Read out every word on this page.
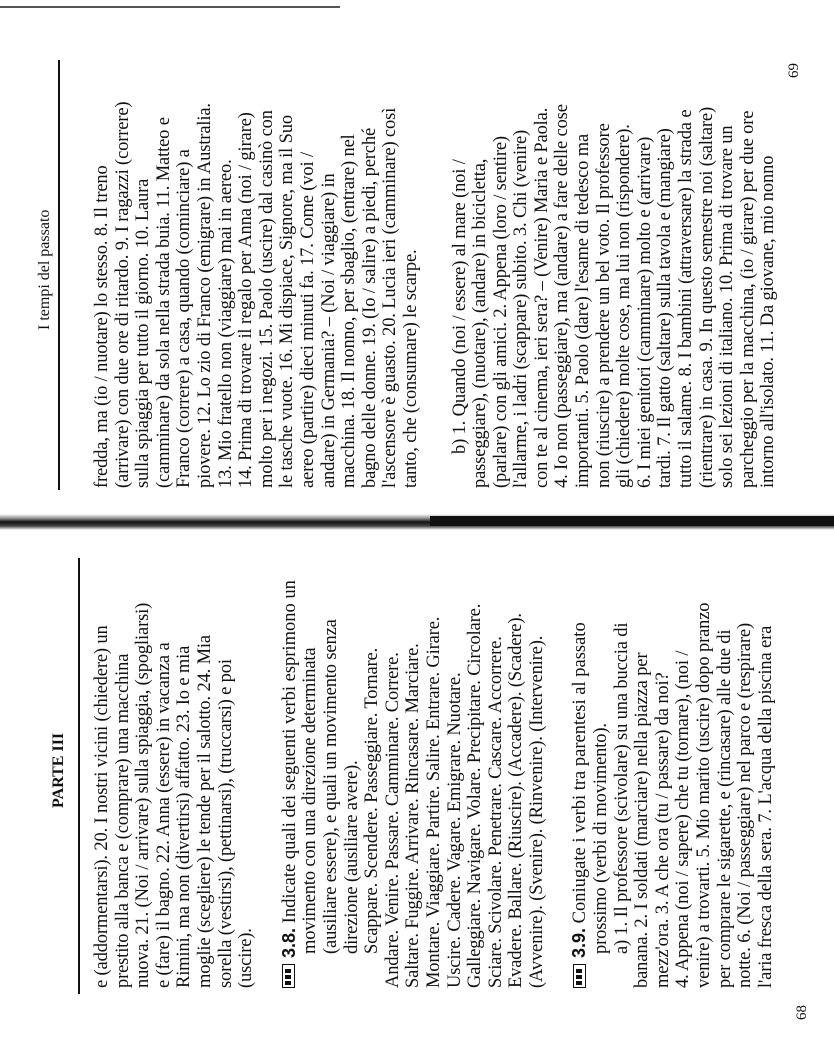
e (addormentarsi). 20. I nostri vicini (chiedere) un prestito alla banca e (comprare) una macchina nuova. 21. (Noi / arrivare) sulla spiaggia, (spogliarsi) e (fare) il bagno. 22. Anna (essere) in vacanza a Rimini, ma non (divertirsi) affatto. 23. Io e mia moglie (scegliere) le tende per il salotto. 24. Mia sorella (vestirsi), (pettinarsi), (truccarsi) e poi (uscire). 3.8. Indicate quali dei seguenti verbi esprimono un movimento con una direzione determinata (ausiliare essere), e quali un movimento senza direzione (ausiliare avere). Scappare. Scendere. Passeggiare. Tornare. Andare. Venire. Passare. Camminare. Correre. Saltare. Fuggire. Arrivare. Rincasare. Marciare. Montare. Viaggiare. Partire. Salire. Entrare. Girare. Uscire. Cadere. Vagare. Emigrare. Nuotare. Galleggiare. Navigare. Volare. Precipitare. Circolare. Sciare. Scivolare. Penetrare. Cascare. Accorrere. Evadere. Ballare. (Riuscire). (Accadere). (Scadere). (Avvenire). (Svenire). (Rinvenire). (Intervenire). 3.9. Coniugate i verbi tra parentesi al passato prossimo (verbi di movimento). a) 1. Il professore (scivolare) su una buccia di banana. 2. I soldati (marciare) nella piazza per mezz'ora. 3. A che ora (tu / passare) da noi? 4. Appena (noi / sapere) che tu (tornare), (noi / venire) a trovarti. 5. Mio marito (uscire) dopo pranzo per comprare le sigarette, e (rincasare) alle due di notte. 6. (Noi / passeggiare) nel parco e (respirare) l'aria fresca della sera. 7. L'acqua della piscina era
PARTE III
68
fredda, ma (io / nuotare) lo stesso. 8. Il treno (arrivare) con due ore di ritardo. 9. I ragazzi (correre) sulla spiaggia per tutto il giorno. 10. Laura (camminare) da sola nella strada buia. 11. Matteo e Franco (correre) a casa, quando (cominciare) a piovere. 12. Lo zio di Franco (emigrare) in Australia. 13. Mio fratello non (viaggiare) mai in aereo. 14. Prima di trovare il regalo per Anna (noi / girare) molto per i negozi. 15. Paolo (uscire) dal casinò con le tasche vuote. 16. Mi dispiace, Signore, ma il Suo aereo (partire) dieci minuti fa. 17. Come (voi / andare) in Germania? – (Noi / viaggiare) in macchina. 18. Il nonno, per sbaglio, (entrare) nel bagno delle donne. 19. (Io / salire) a piedi, perché l'ascensore è guasto. 20. Lucia ieri (camminare) così tanto, che (consumare) le scarpe. b) 1. Quando (noi / essere) al mare (noi / passeggiare), (nuotare), (andare) in bicicletta, (parlare) con gli amici. 2. Appena (loro / sentire) l'allarme, i ladri (scappare) subito. 3. Chi (venire) con te al cinema, ieri sera? – (Venire) Maria e Paola. 4. Io non (passeggiare), ma (andare) a fare delle cose importanti. 5. Paolo (dare) l'esame di tedesco ma non (riuscire) a prendere un bel voto. Il professore gli (chiedere) molte cose, ma lui non (rispondere). 6. I miei genitori (camminare) molto e (arrivare) tardi. 7. Il gatto (saltare) sulla tavola e (mangiare) tutto il salame. 8. I bambini (attraversare) la strada e (rientrare) in casa. 9. In questo semestre noi (saltare) solo sei lezioni di italiano. 10. Prima di trovare un parcheggio per la macchina, (io / girare) per due ore intorno all'isolato. 11. Da giovane, mio nonno
I tempi del passato
69
